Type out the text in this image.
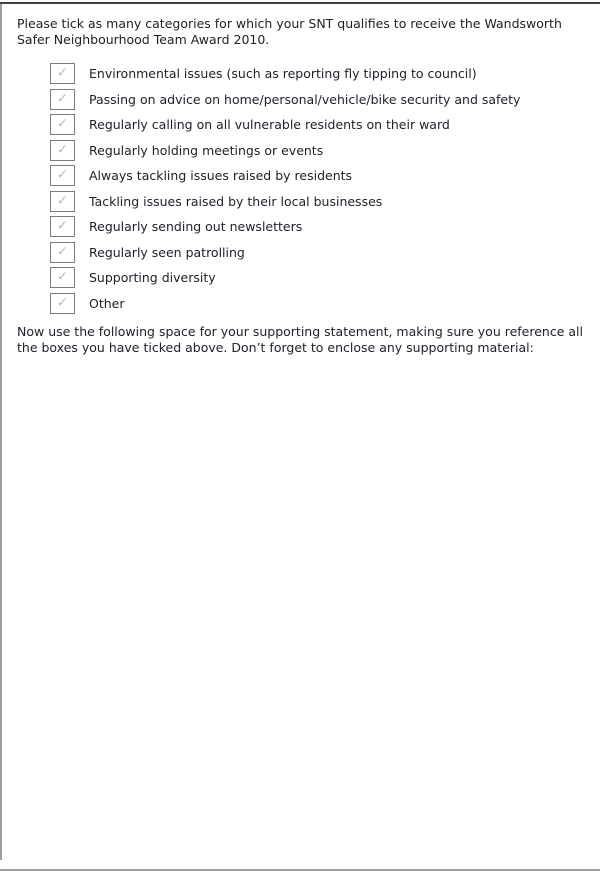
Please tick as many categories for which your SNT qualifies to receive the Wandsworth
Safer Neighbourhood Team Award 2010.
✓ Environmental issues (such as reporting fly tipping to council)
✓ Passing on advice on home/personal/vehicle/bike security and safety
✓ Regularly calling on all vulnerable residents on their ward
✓ Regularly holding meetings or events
✓ Always tackling issues raised by residents
✓ Tackling issues raised by their local businesses
✓ Regularly sending out newsletters
✓ Regularly seen patrolling
✓ Supporting diversity
✓ Other
Now use the following space for your supporting statement, making sure you reference all
the boxes you have ticked above. Don’t forget to enclose any supporting material:
